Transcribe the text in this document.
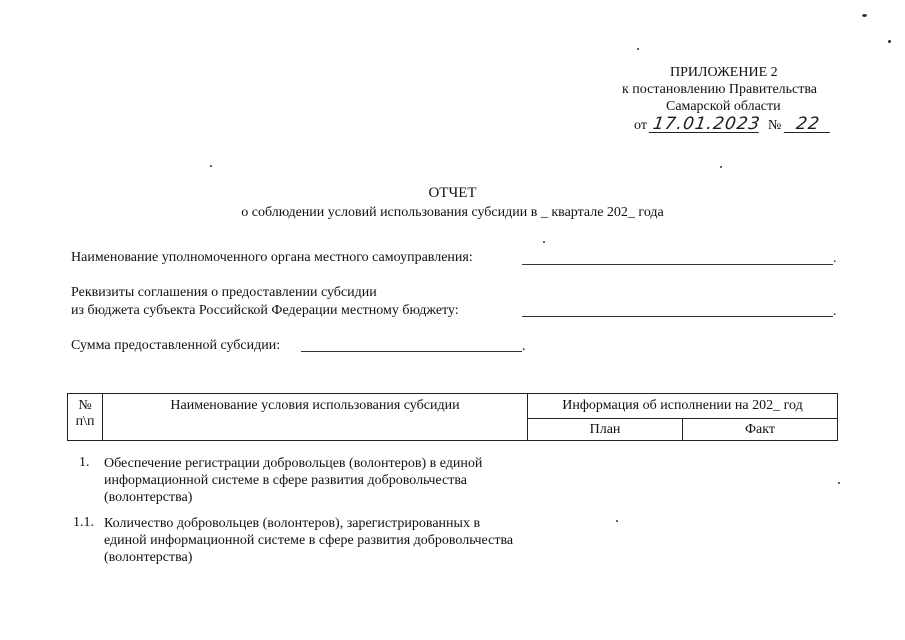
ПРИЛОЖЕНИЕ 2
к постановлению Правительства
Самарской области
от 17.01.2023 № 22
ОТЧЕТ
о соблюдении условий использования субсидии в _ квартале 202_ года
Наименование уполномоченного органа местного самоуправления:	.
Реквизиты соглашения о предоставлении субсидии
из бюджета субъекта Российской Федерации местному бюджету:	.
Сумма предоставленной субсидии:	.
№
п\п	Наименование условия использования субсидии	Информация об исполнении на 202_ год	

		План	Факт
1. Обеспечение регистрации добровольцев (волонтеров) в единой информационной системе в сфере развития добровольчества (волонтерства)
1.1. Количество добровольцев (волонтеров), зарегистрированных в единой информационной системе в сфере развития добровольчества (волонтерства)
